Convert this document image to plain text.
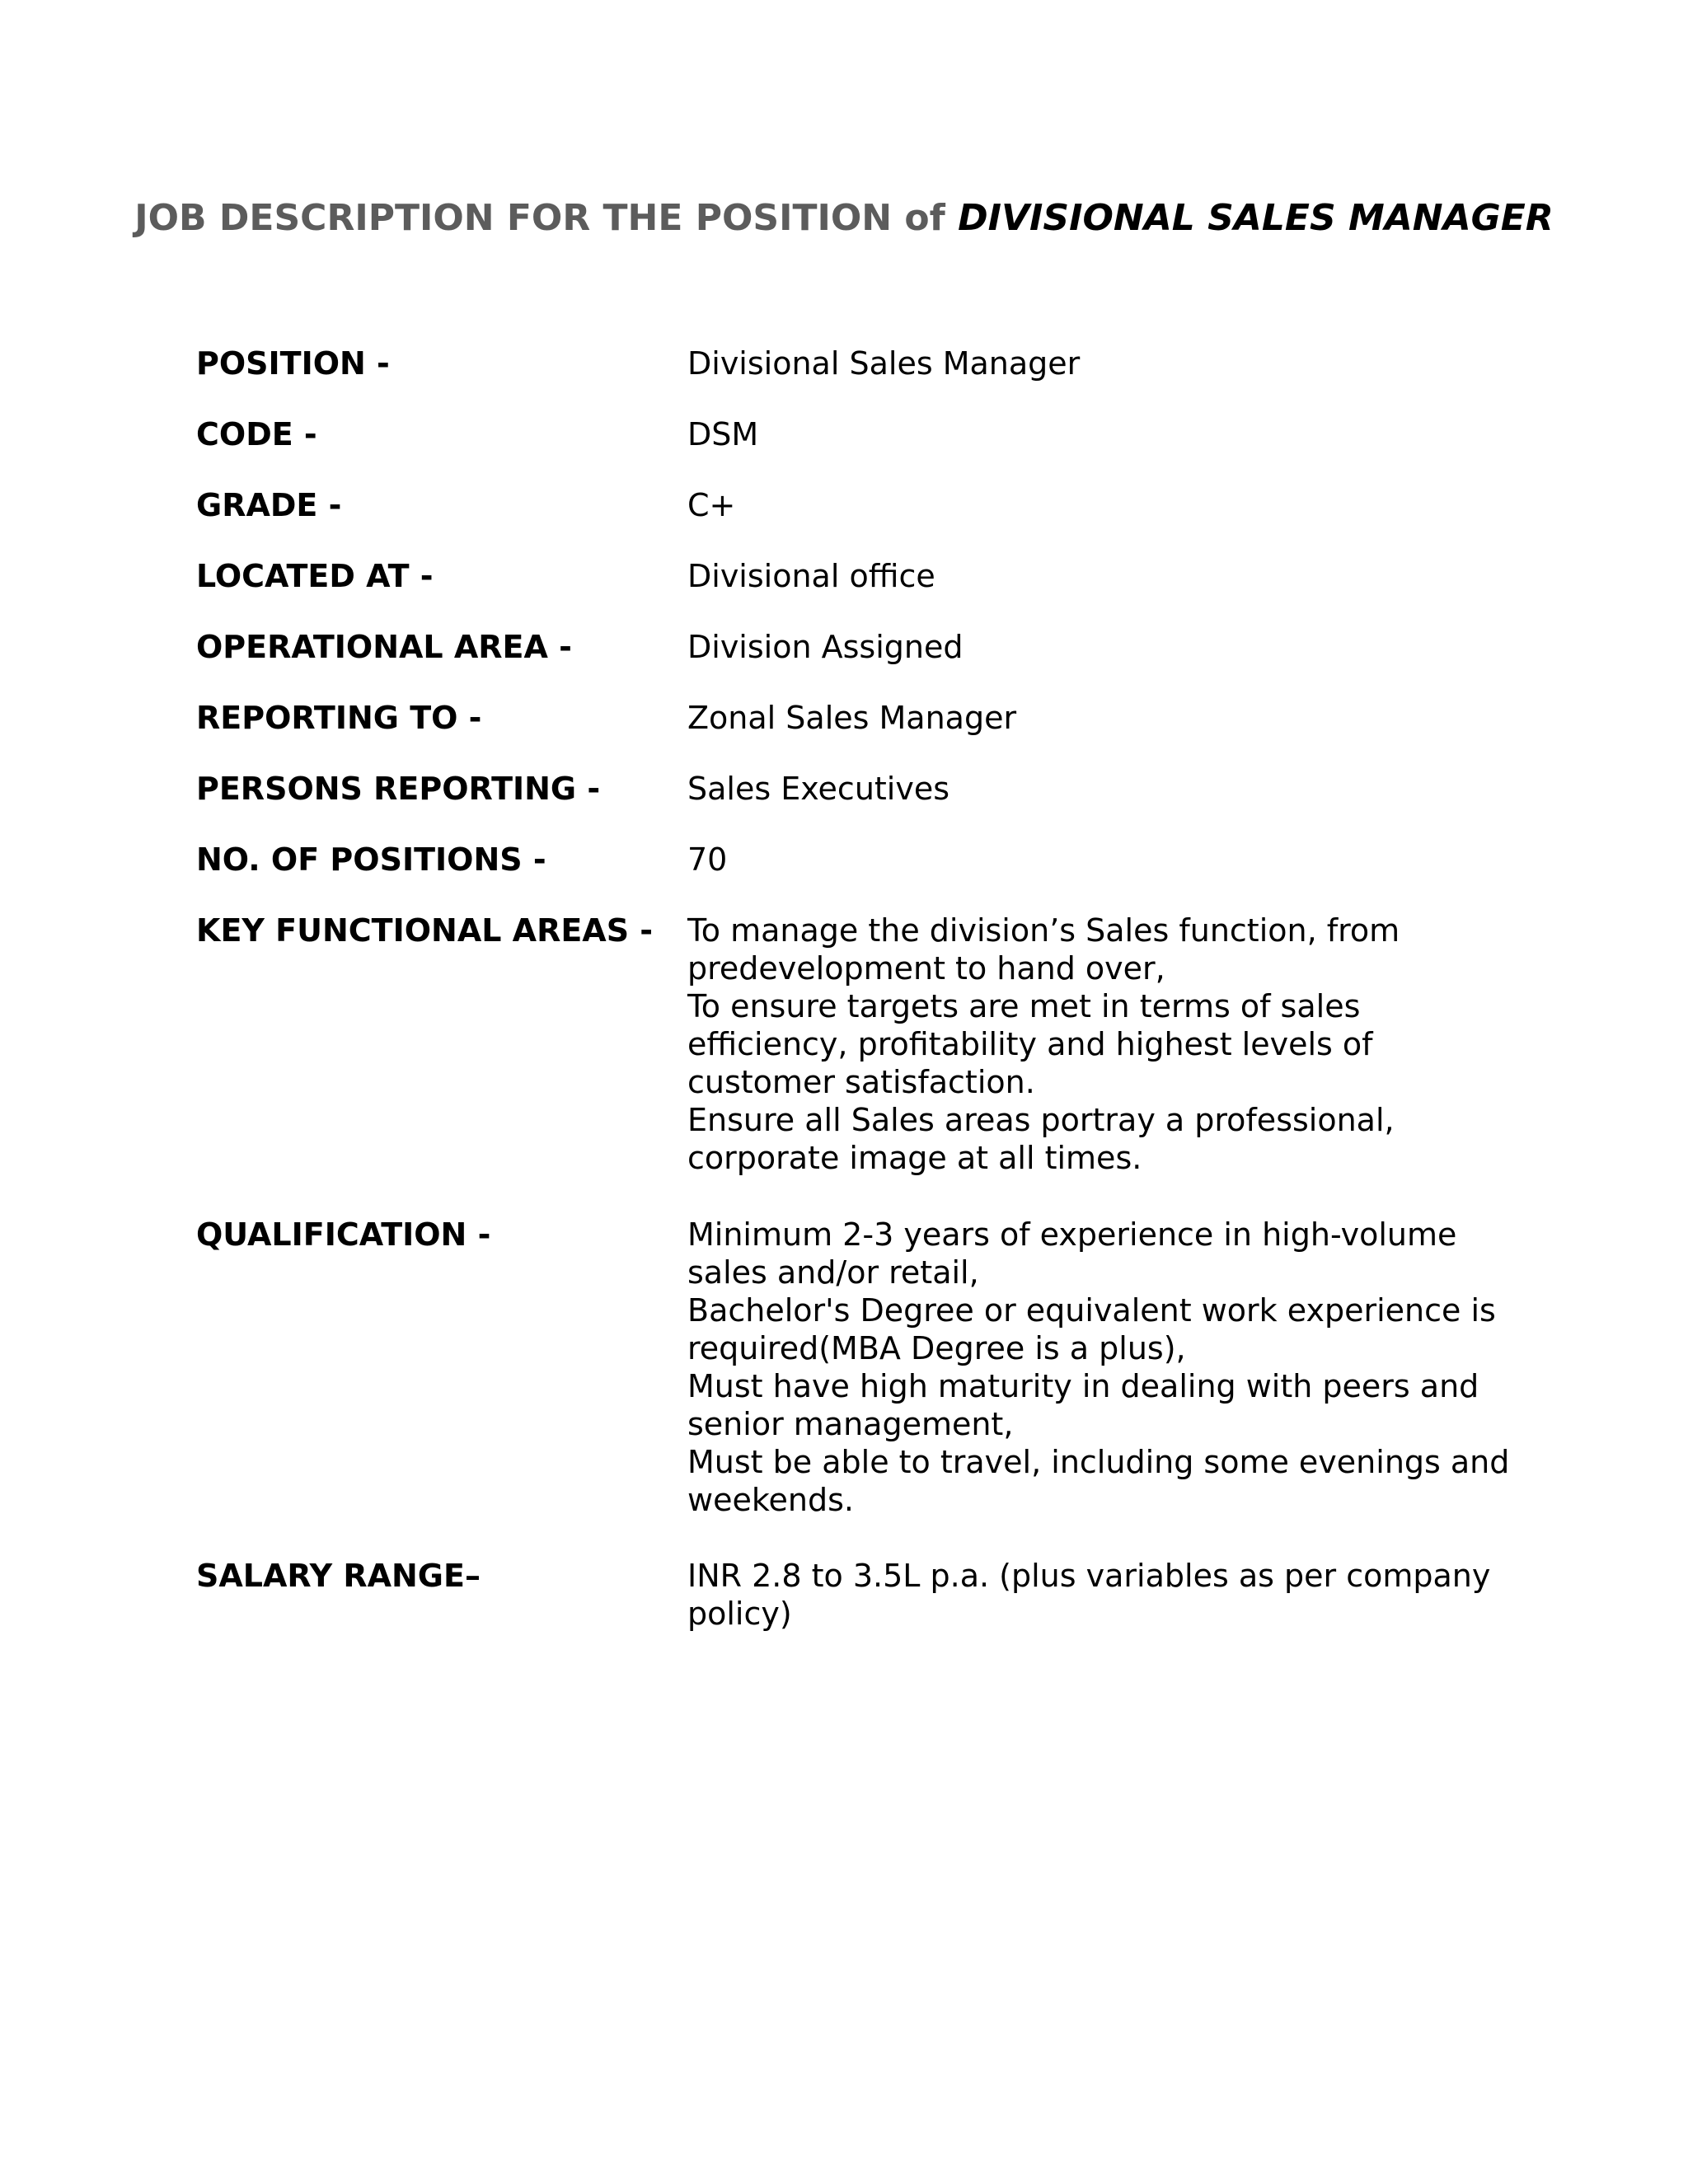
JOB DESCRIPTION FOR THE POSITION of DIVISIONAL SALES MANAGER
POSITION -	Divisional Sales Manager
CODE -	DSM
GRADE -	C+
LOCATED AT -	Divisional office
OPERATIONAL AREA -	Division Assigned
REPORTING TO -	Zonal Sales Manager
PERSONS REPORTING -	Sales Executives
NO. OF POSITIONS -	70
KEY FUNCTIONAL AREAS -	To manage the division’s Sales function, from
predevelopment to hand over,
To ensure targets are met in terms of sales
efficiency, profitability and highest levels of
customer satisfaction.
Ensure all Sales areas portray a professional,
corporate image at all times.
QUALIFICATION -	Minimum 2-3 years of experience in high-volume
sales and/or retail,
Bachelor's Degree or equivalent work experience is
required(MBA Degree is a plus),
Must have high maturity in dealing with peers and
senior management,
Must be able to travel, including some evenings and
weekends.
SALARY RANGE–	INR 2.8 to 3.5L p.a. (plus variables as per company
policy)
